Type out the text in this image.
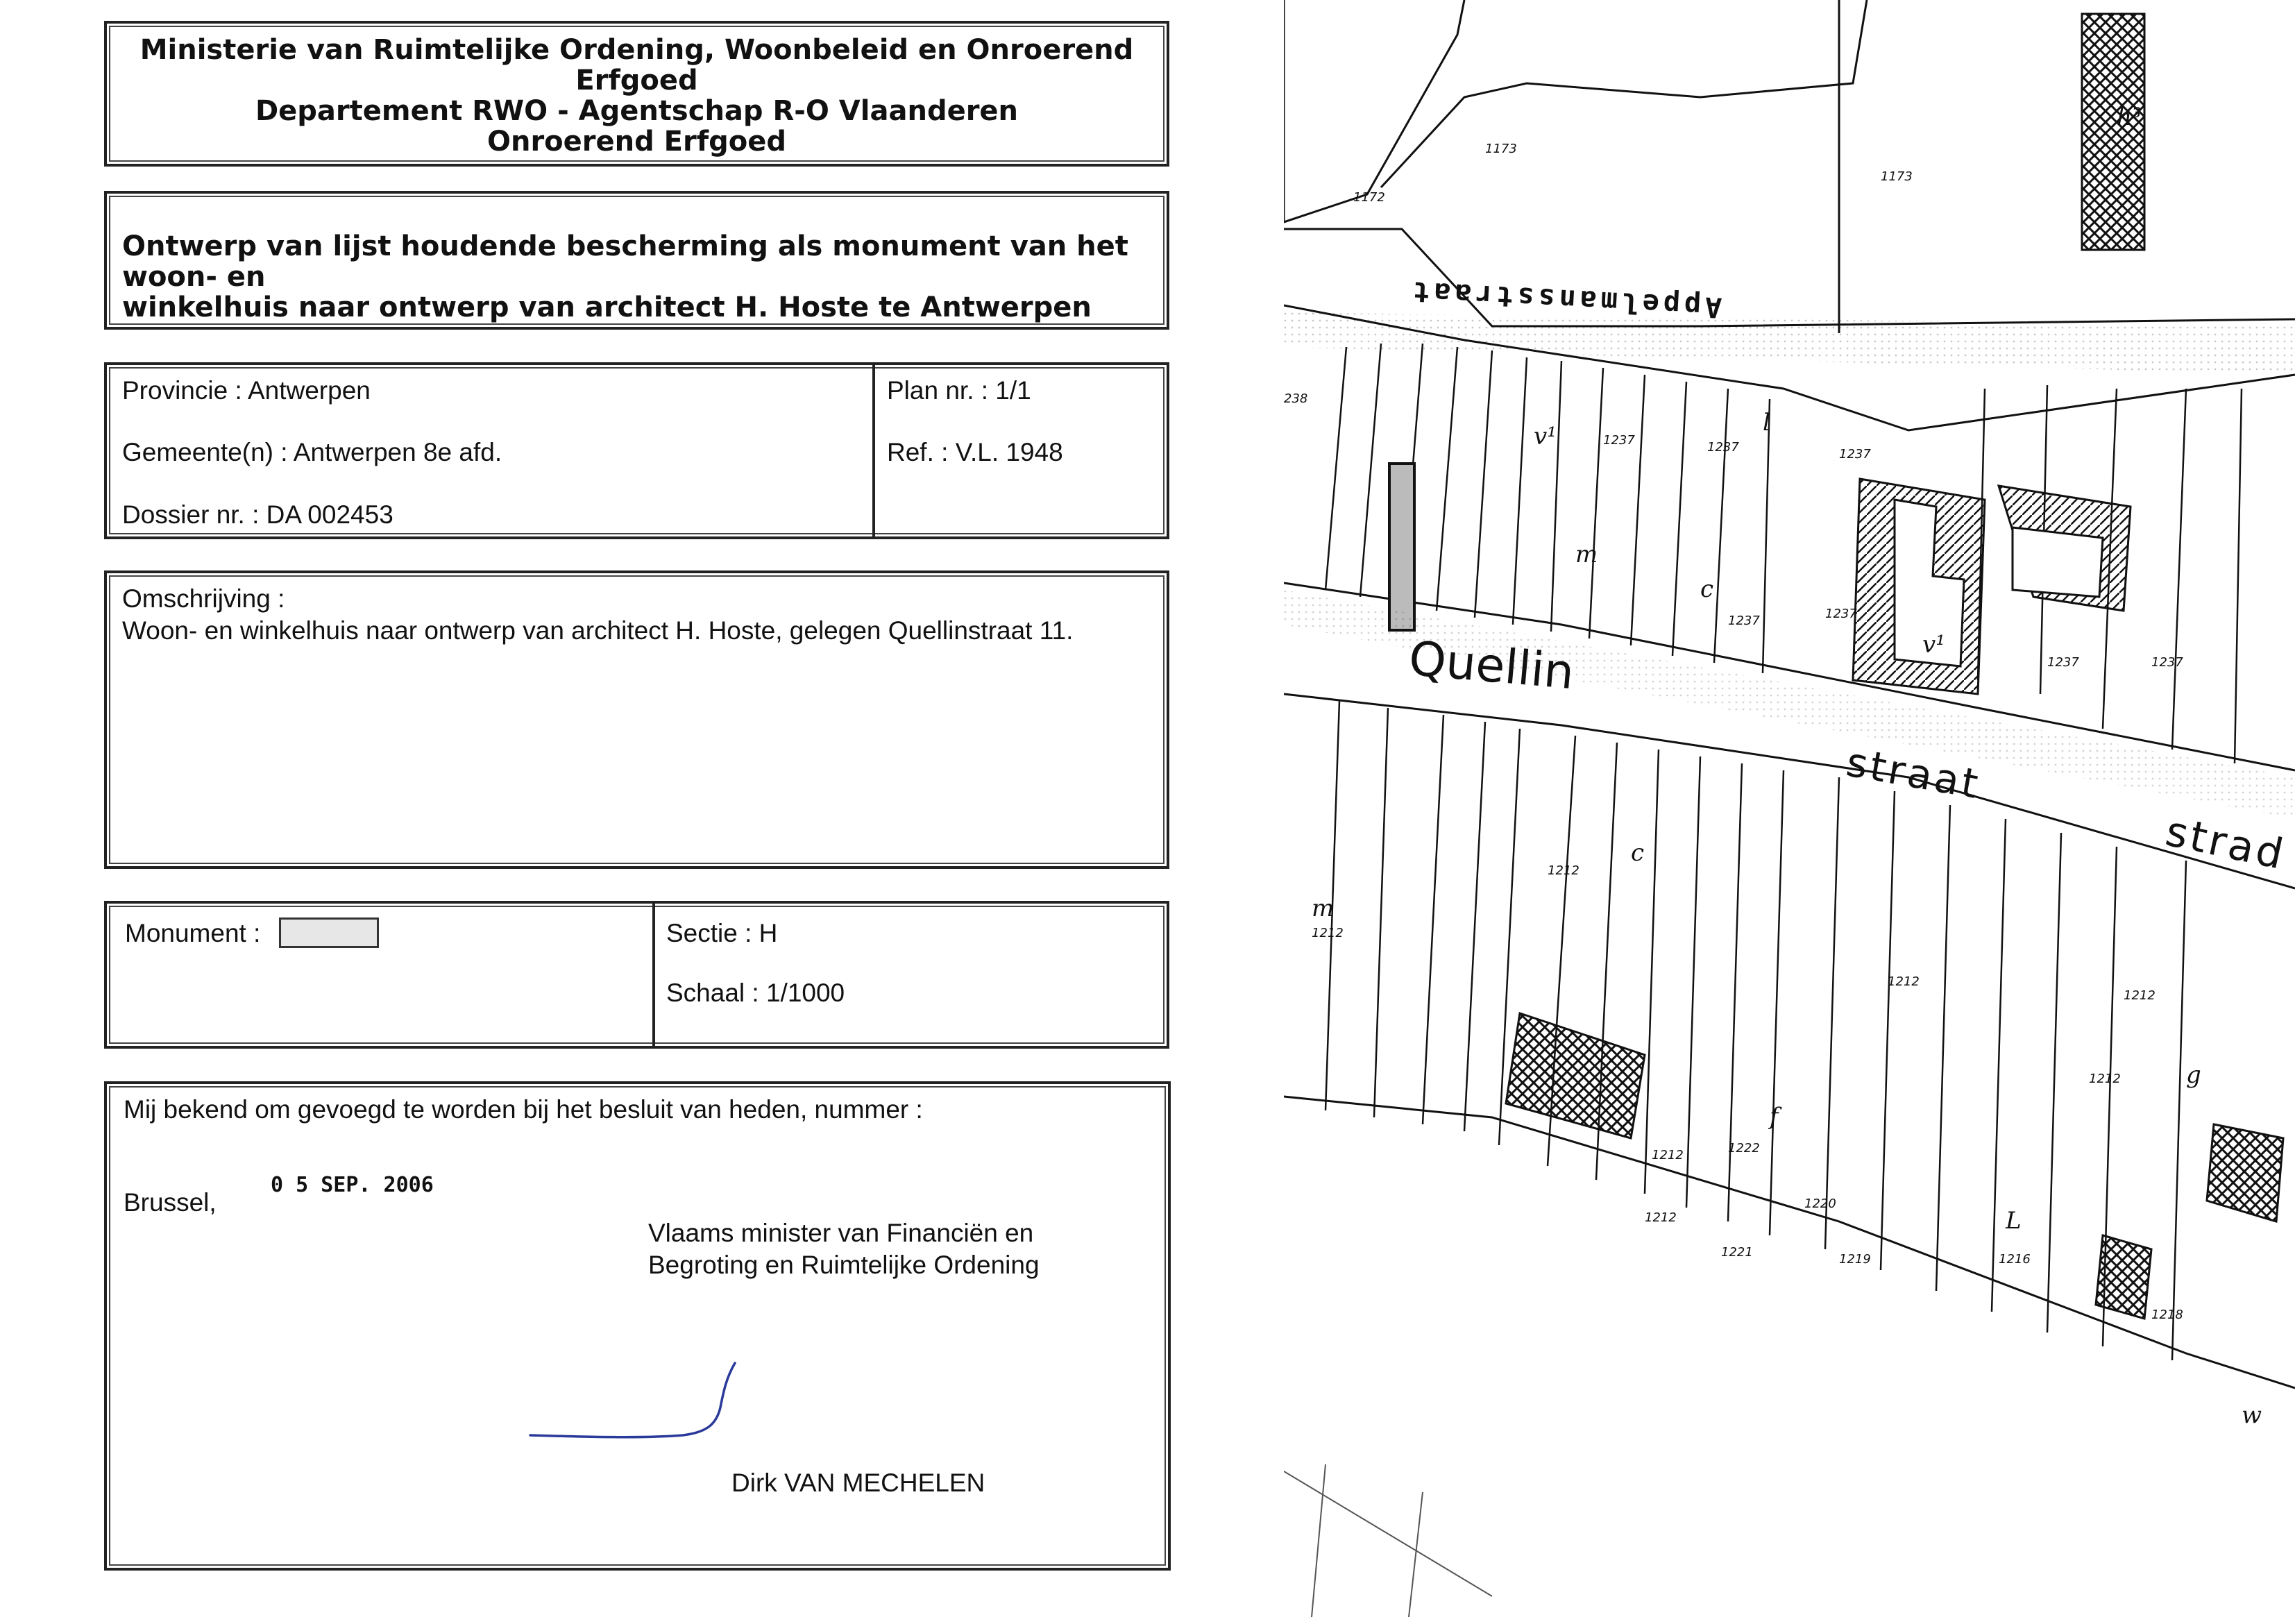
Ministerie van Ruimtelijke Ordening, Woonbeleid en Onroerend Erfgoed
Departement RWO - Agentschap R-O Vlaanderen
Onroerend Erfgoed
Ontwerp van lijst houdende bescherming als monument van het woon- en
winkelhuis naar ontwerp van architect H. Hoste te Antwerpen
Provincie : Antwerpen
Gemeente(n) : Antwerpen 8e afd.
Dossier nr. : DA 002453
Plan nr. : 1/1
Ref. : V.L. 1948
Omschrijving :
Woon- en winkelhuis naar ontwerp van architect H. Hoste, gelegen Quellinstraat 11.
Monument :	Sectie : H
Schaal : 1/1000
Mij bekend om gevoegd te worden bij het besluit van heden, nummer :
Brussel,
0 5 SEP. 2006
Vlaams minister van Financiën en
Begroting en Ruimtelijke Ordening
Dirk VAN MECHELEN
1237	1237	1237
1237
1237
1237	1237
1212
1212
1212
1212
1212
1212
1212
1220
1219	1216
1218
1222
1221
1173
1172
1173
238
h³
v¹	l
m
c
v¹
c
m
f
L
g
w
Appelmansstraat
Quellin
straat
strad
